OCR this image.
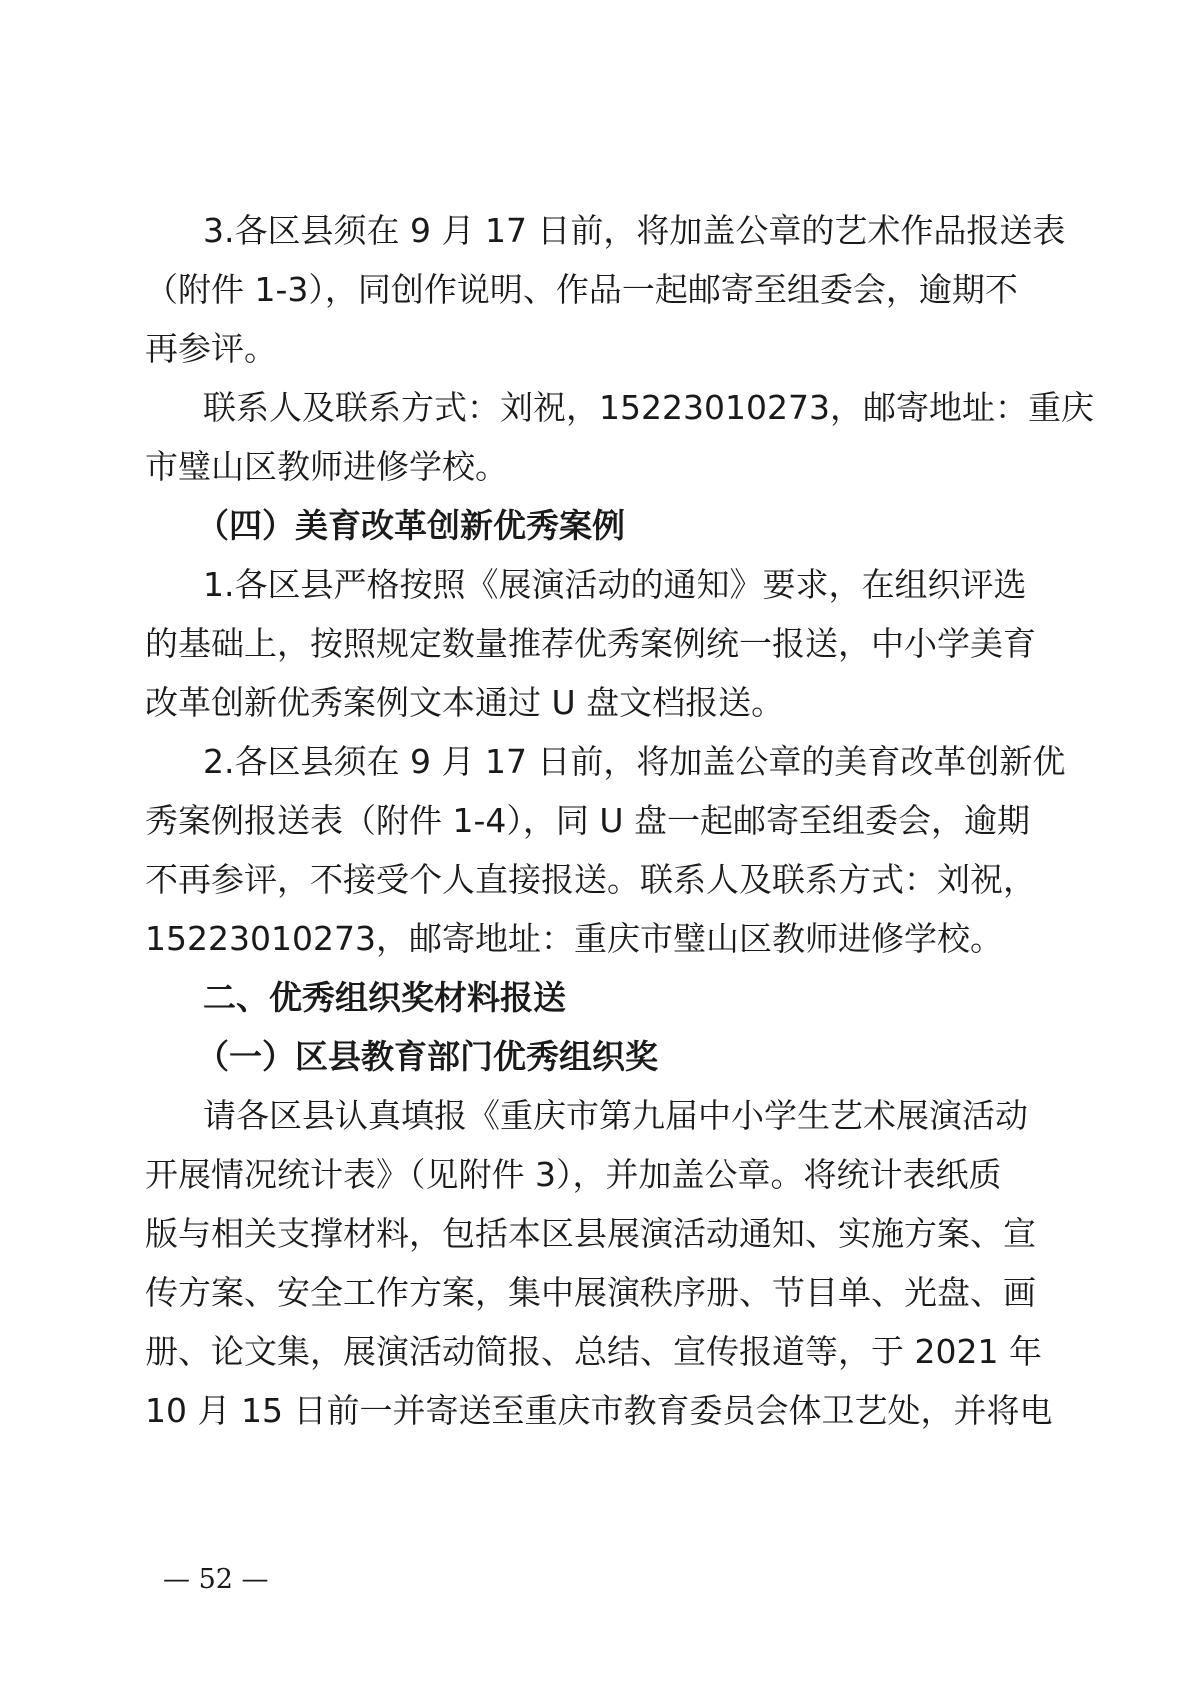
3.各区县须在 9 月 17 日前，将加盖公章的艺术作品报送表
（附件 1-3），同创作说明、作品一起邮寄至组委会，逾期不
再参评。
联系人及联系方式：刘祝，15223010273，邮寄地址：重庆
市璧山区教师进修学校。
（四）美育改革创新优秀案例
1.各区县严格按照《展演活动的通知》要求，在组织评选
的基础上，按照规定数量推荐优秀案例统一报送，中小学美育
改革创新优秀案例文本通过 U 盘文档报送。
2.各区县须在 9 月 17 日前，将加盖公章的美育改革创新优
秀案例报送表（附件 1-4），同 U 盘一起邮寄至组委会，逾期
不再参评，不接受个人直接报送。联系人及联系方式：刘祝，
15223010273，邮寄地址：重庆市璧山区教师进修学校。
二、优秀组织奖材料报送
（一）区县教育部门优秀组织奖
请各区县认真填报《重庆市第九届中小学生艺术展演活动
开展情况统计表》（见附件 3），并加盖公章。将统计表纸质
版与相关支撑材料，包括本区县展演活动通知、实施方案、宣
传方案、安全工作方案，集中展演秩序册、节目单、光盘、画
册、论文集，展演活动简报、总结、宣传报道等，于 2021 年
10 月 15 日前一并寄送至重庆市教育委员会体卫艺处，并将电
— 52 —
